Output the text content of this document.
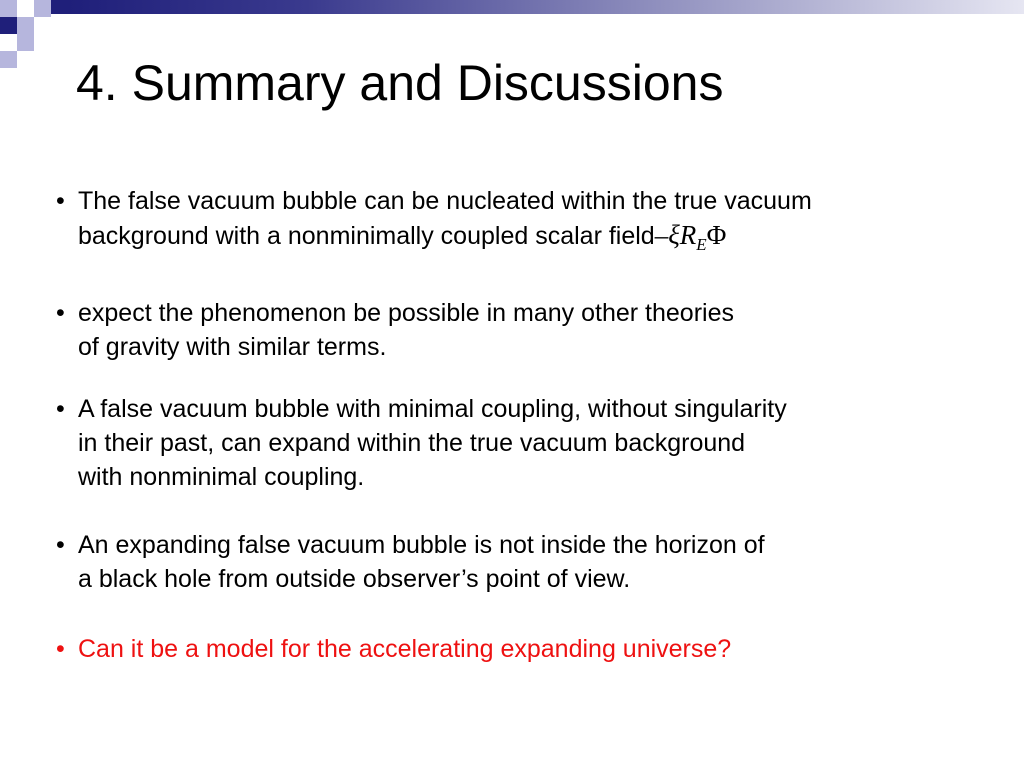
4. Summary and Discussions
• The false vacuum bubble can be nucleated within the true vacuum
background with a nonminimally coupled scalar field–$\xi R_E\Phi$
• expect the phenomenon be possible in many other theories
of gravity with similar terms.
• A false vacuum bubble with minimal coupling, without singularity
in their past, can expand within the true vacuum background
with nonminimal coupling.
• An expanding false vacuum bubble is not inside the horizon of
a black hole from outside observer’s point of view.
• Can it be a model for the accelerating expanding universe?
